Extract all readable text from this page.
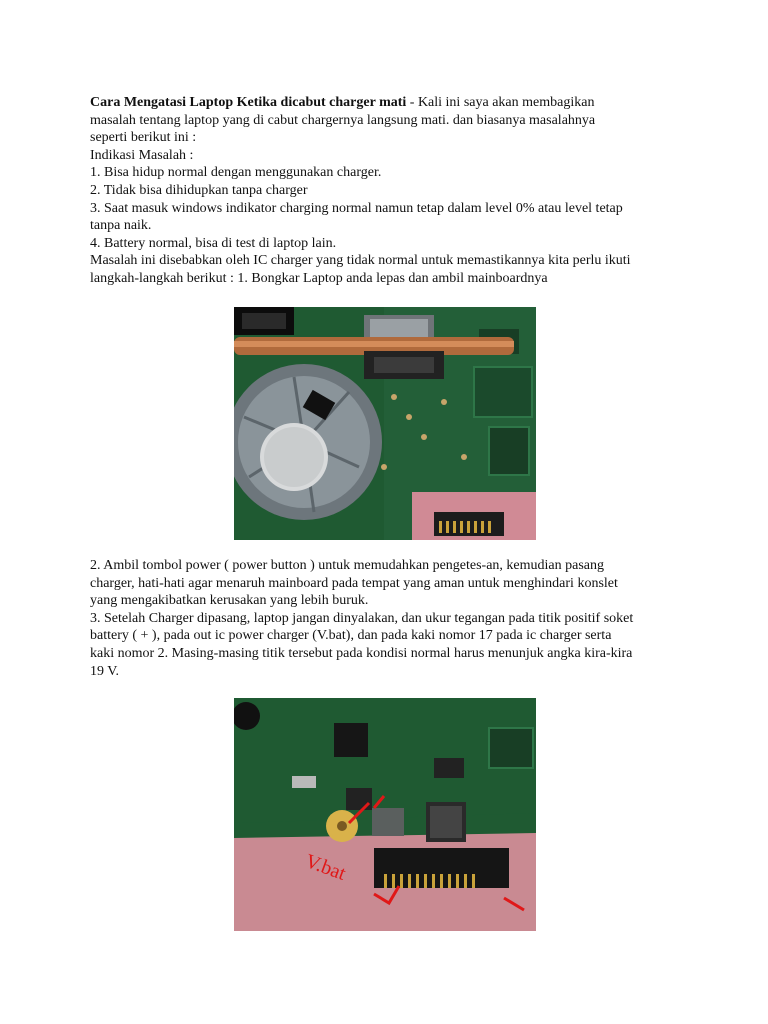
Cara Mengatasi Laptop Ketika dicabut charger mati - Kali ini saya akan membagikan

masalah tentang laptop yang di cabut chargernya langsung mati. dan biasanya masalahnya

seperti berikut ini :

Indikasi Masalah :

1. Bisa hidup normal dengan menggunakan charger.

2. Tidak bisa dihidupkan tanpa charger

3. Saat masuk windows indikator charging normal namun tetap dalam level 0% atau level tetap

tanpa naik.

4. Battery normal, bisa di test di laptop lain.

Masalah ini disebabkan oleh IC charger yang tidak normal untuk memastikannya kita perlu ikuti

langkah-langkah berikut : 1. Bongkar Laptop anda lepas dan ambil mainboardnya

2. Ambil tombol power ( power button ) untuk memudahkan pengetes-an, kemudian pasang

charger, hati-hati agar menaruh mainboard pada tempat yang aman untuk menghindari konslet

yang mengakibatkan kerusakan yang lebih buruk.

3. Setelah Charger dipasang, laptop jangan dinyalakan, dan ukur tegangan pada titik positif soket

battery ( + ), pada out ic power charger (V.bat), dan pada kaki nomor 17 pada ic charger serta

kaki nomor 2. Masing-masing titik tersebut pada kondisi normal harus menunjuk angka kira-kira

19 V.

V.bat
